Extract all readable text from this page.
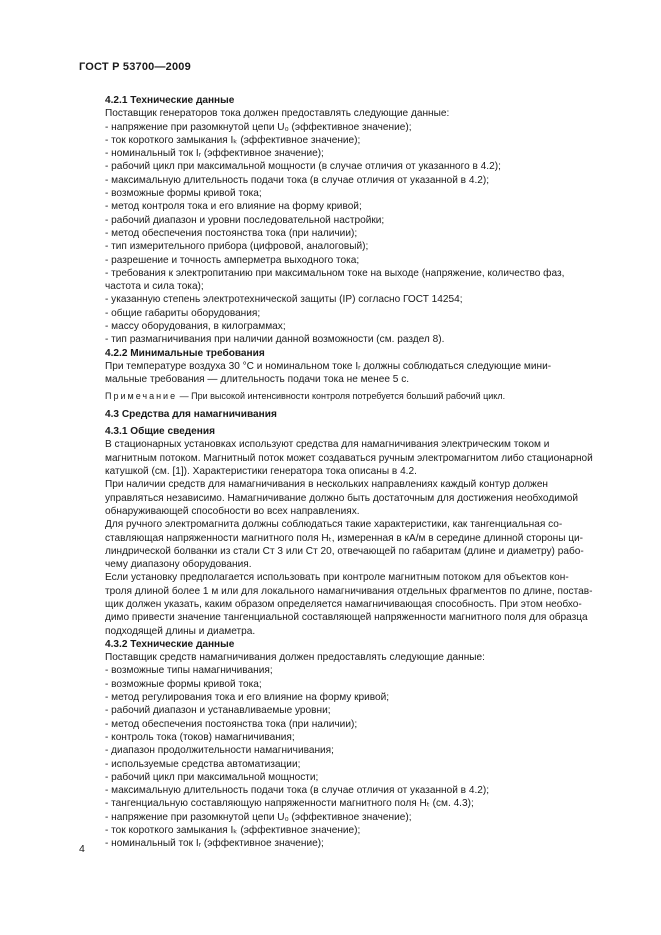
ГОСТ Р 53700—2009

4.2.1 Технические данные

Поставщик генераторов тока должен предоставлять следующие данные:

- напряжение при разомкнутой цепи U₀ (эффективное значение);

- ток короткого замыкания Iₖ (эффективное значение);

- номинальный ток Iᵣ (эффективное значение);

- рабочий цикл при максимальной мощности (в случае отличия от указанного в 4.2);

- максимальную длительность подачи тока (в случае отличия от указанной в 4.2);

- возможные формы кривой тока;

- метод контроля тока и его влияние на форму кривой;

- рабочий диапазон и уровни последовательной настройки;

- метод обеспечения постоянства тока (при наличии);

- тип измерительного прибора (цифровой, аналоговый);

- разрешение и точность амперметра выходного тока;

- требования к электропитанию при максимальном токе на выходе (напряжение, количество фаз,

частота и сила тока);

- указанную степень электротехнической защиты (IP) согласно ГОСТ 14254;

- общие габариты оборудования;

- массу оборудования, в килограммах;

- тип размагничивания при наличии данной возможности (см. раздел 8).

4.2.2 Минимальные требования

При температуре воздуха 30 °С и номинальном токе Iᵣ должны соблюдаться следующие мини-

мальные требования — длительность подачи тока не менее 5 с.

Примечание — При высокой интенсивности контроля потребуется больший рабочий цикл.

4.3 Средства для намагничивания

4.3.1 Общие сведения

В стационарных установках используют средства для намагничивания электрическим током и

магнитным потоком. Магнитный поток может создаваться ручным электромагнитом либо стационарной

катушкой (см. [1]). Характеристики генератора тока описаны в 4.2.

При наличии средств для намагничивания в нескольких направлениях каждый контур должен

управляться независимо. Намагничивание должно быть достаточным для достижения необходимой

обнаруживающей способности во всех направлениях.

Для ручного электромагнита должны соблюдаться такие характеристики, как тангенциальная со-

ставляющая напряженности магнитного поля Hₜ, измеренная в кА/м в середине длинной стороны ци-

линдрической болванки из стали Ст 3 или Ст 20, отвечающей по габаритам (длине и диаметру) рабо-

чему диапазону оборудования.

Если установку предполагается использовать при контроле магнитным потоком для объектов кон-

троля длиной более 1 м или для локального намагничивания отдельных фрагментов по длине, постав-

щик должен указать, каким образом определяется намагничивающая способность. При этом необхо-

димо привести значение тангенциальной составляющей напряженности магнитного поля для образца

подходящей длины и диаметра.

4.3.2 Технические данные

Поставщик средств намагничивания должен предоставлять следующие данные:

- возможные типы намагничивания;

- возможные формы кривой тока;

- метод регулирования тока и его влияние на форму кривой;

- рабочий диапазон и устанавливаемые уровни;

- метод обеспечения постоянства тока (при наличии);

- контроль тока (токов) намагничивания;

- диапазон продолжительности намагничивания;

- используемые средства автоматизации;

- рабочий цикл при максимальной мощности;

- максимальную длительность подачи тока (в случае отличия от указанной в 4.2);

- тангенциальную составляющую напряженности магнитного поля Hₜ (см. 4.3);

- напряжение при разомкнутой цепи U₀ (эффективное значение);

- ток короткого замыкания Iₖ (эффективное значение);

- номинальный ток Iᵣ (эффективное значение);

4
